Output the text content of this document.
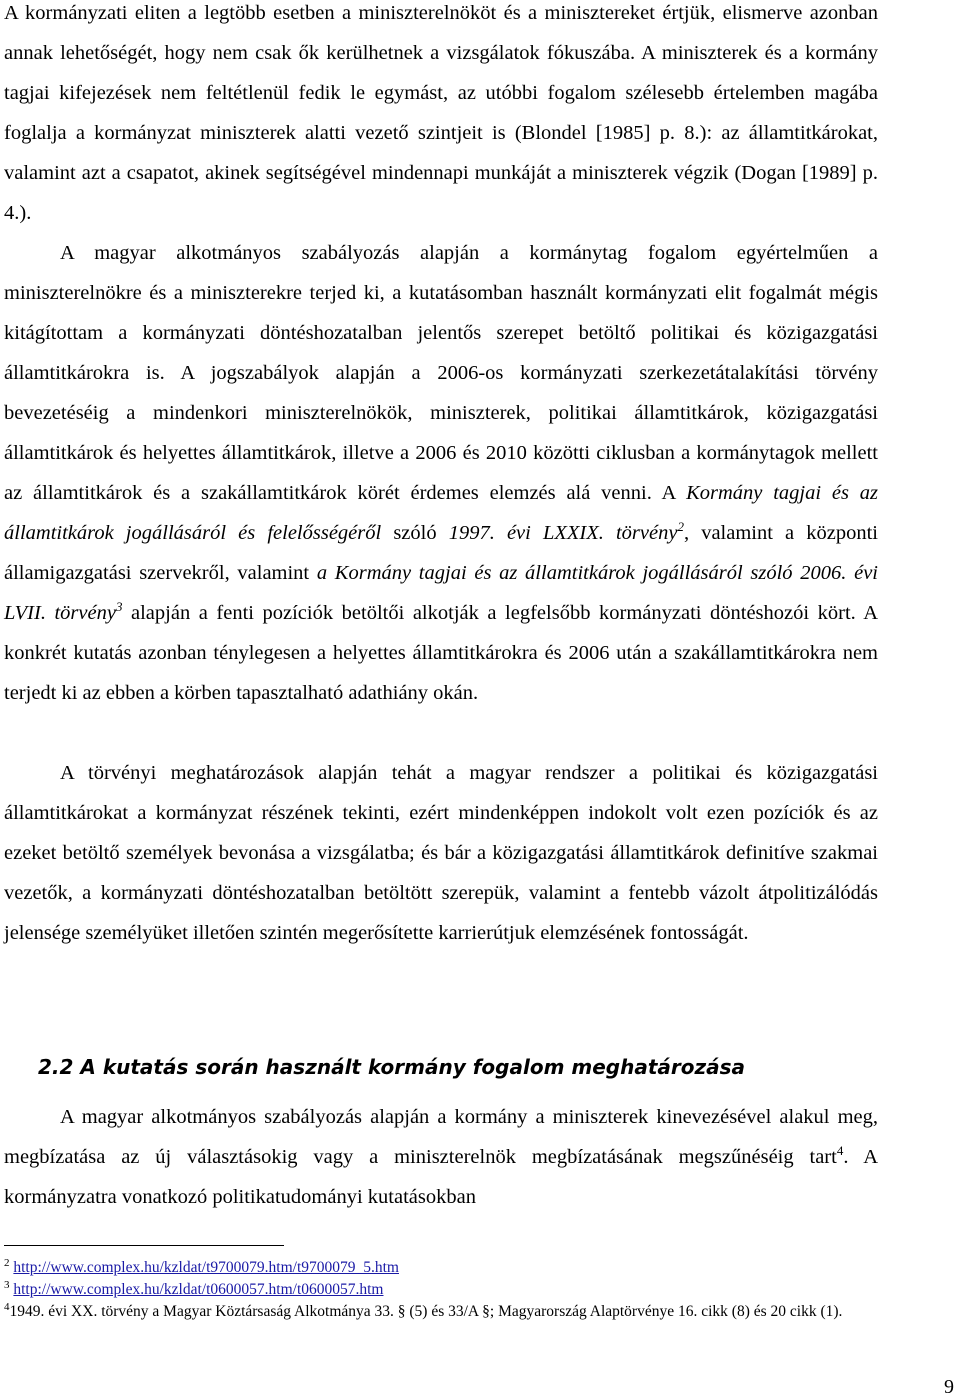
A kormányzati eliten a legtöbb esetben a miniszterelnököt és a minisztereket értjük, elismerve azonban annak lehetőségét, hogy nem csak ők kerülhetnek a vizsgálatok fókuszába. A miniszterek és a kormány tagjai kifejezések nem feltétlenül fedik le egymást, az utóbbi fogalom szélesebb értelemben magába foglalja a kormányzat miniszterek alatti vezető szintjeit is (Blondel [1985] p. 8.): az államtitkárokat, valamint azt a csapatot, akinek segítségével mindennapi munkáját a miniszterek végzik (Dogan [1989] p. 4.).

A magyar alkotmányos szabályozás alapján a kormánytag fogalom egyértelműen a miniszterelnökre és a miniszterekre terjed ki, a kutatásomban használt kormányzati elit fogalmát mégis kitágítottam a kormányzati döntéshozatalban jelentős szerepet betöltő politikai és közigazgatási államtitkárokra is. A jogszabályok alapján a 2006-os kormányzati szerkezetátalakítási törvény bevezetéséig a mindenkori miniszterelnökök, miniszterek, politikai államtitkárok, közigazgatási államtitkárok és helyettes államtitkárok, illetve a 2006 és 2010 közötti ciklusban a kormánytagok mellett az államtitkárok és a szakállamtitkárok körét érdemes elemzés alá venni. A Kormány tagjai és az államtitkárok jogállásáról és felelősségéről szóló 1997. évi LXXIX. törvény$^2$, valamint a központi államigazgatási szervekről, valamint a Kormány tagjai és az államtitkárok jogállásáról szóló 2006. évi LVII. törvény$^3$ alapján a fenti pozíciók betöltői alkotják a legfelsőbb kormányzati döntéshozói kört. A konkrét kutatás azonban ténylegesen a helyettes államtitkárokra és 2006 után a szakállamtitkárokra nem terjedt ki az ebben a körben tapasztalható adathiány okán.

A törvényi meghatározások alapján tehát a magyar rendszer a politikai és közigazgatási államtitkárokat a kormányzat részének tekinti, ezért mindenképpen indokolt volt ezen pozíciók és az ezeket betöltő személyek bevonása a vizsgálatba; és bár a közigazgatási államtitkárok definitíve szakmai vezetők, a kormányzati döntéshozatalban betöltött szerepük, valamint a fentebb vázolt átpolitizálódás jelensége személyüket illetően szintén megerősítette karrierútjuk elemzésének fontosságát.

2.2 A kutatás során használt kormány fogalom meghatározása

A magyar alkotmányos szabályozás alapján a kormány a miniszterek kinevezésével alakul meg, megbízatása az új választásokig vagy a miniszterelnök megbízatásának megszűnéséig tart$^4$. A kormányzatra vonatkozó politikatudományi kutatásokban

$^2$ http://www.complex.hu/kzldat/t9700079.htm/t9700079_5.htm

$^3$ http://www.complex.hu/kzldat/t0600057.htm/t0600057.htm

$^4$1949. évi XX. törvény a Magyar Köztársaság Alkotmánya 33. § (5) és 33/A §; Magyarország Alaptörvénye 16. cikk (8) és 20 cikk (1).

9
